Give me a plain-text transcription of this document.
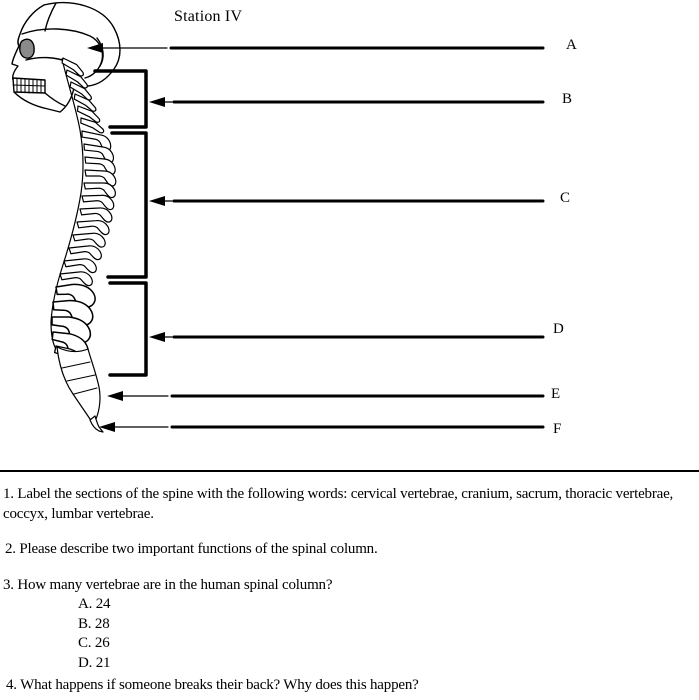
Station IV
A
B
C
D
E
F
1. Label the sections of the spine with the following words: cervical vertebrae, cranium, sacrum, thoracic vertebrae, coccyx, lumbar vertebrae.
2. Please describe two important functions of the spinal column.
3. How many vertebrae are in the human spinal column?
A. 24
B. 28
C. 26
D. 21
4. What happens if someone breaks their back? Why does this happen?
